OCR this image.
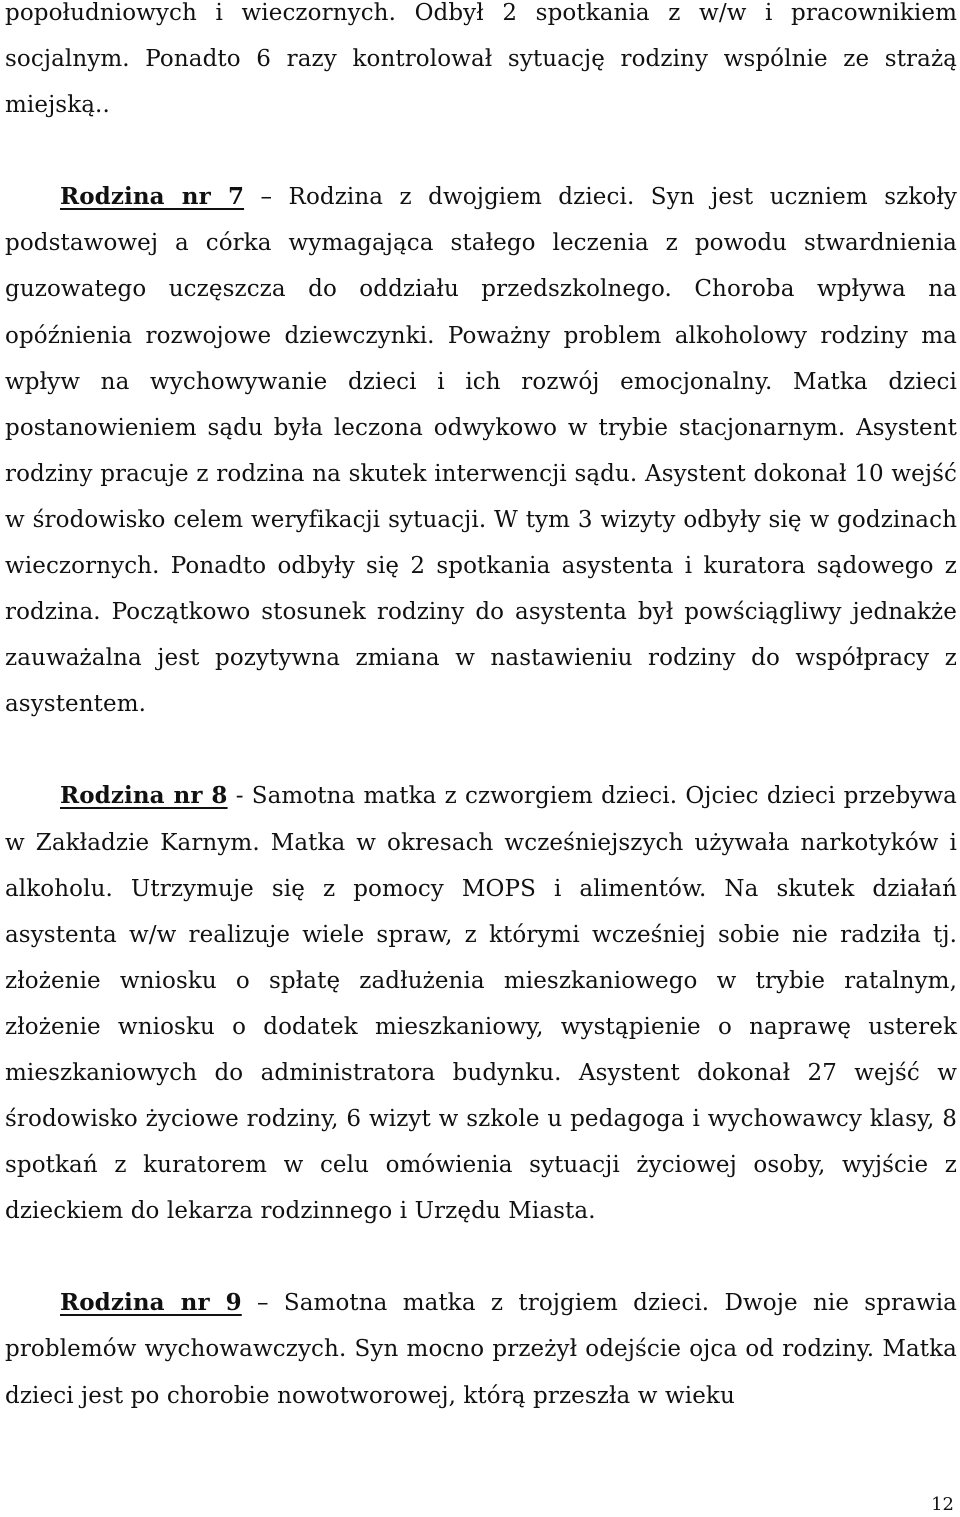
popołudniowych i wieczornych. Odbył 2 spotkania z w/w i pracownikiem socjalnym. Ponadto 6 razy kontrolował sytuację rodziny wspólnie ze strażą miejską..

Rodzina nr 7 – Rodzina z dwojgiem dzieci. Syn jest uczniem szkoły podstawowej a córka wymagająca stałego leczenia z powodu stwardnienia guzowatego uczęszcza do oddziału przedszkolnego. Choroba wpływa na opóźnienia rozwojowe dziewczynki. Poważny problem alkoholowy rodziny ma wpływ na wychowywanie dzieci i ich rozwój emocjonalny. Matka dzieci postanowieniem sądu była leczona odwykowo w trybie stacjonarnym. Asystent rodziny pracuje z rodzina na skutek interwencji sądu. Asystent dokonał 10 wejść w środowisko celem weryfikacji sytuacji. W tym 3 wizyty odbyły się w godzinach wieczornych. Ponadto odbyły się 2 spotkania asystenta i kuratora sądowego z rodzina. Początkowo stosunek rodziny do asystenta był powściągliwy jednakże zauważalna jest pozytywna zmiana w nastawieniu rodziny do współpracy z asystentem.

Rodzina nr 8 - Samotna matka z czworgiem dzieci. Ojciec dzieci przebywa w Zakładzie Karnym. Matka w okresach wcześniejszych używała narkotyków i alkoholu. Utrzymuje się z pomocy MOPS i alimentów. Na skutek działań asystenta w/w realizuje wiele spraw, z którymi wcześniej sobie nie radziła tj. złożenie wniosku o spłatę zadłużenia mieszkaniowego w trybie ratalnym, złożenie wniosku o dodatek mieszkaniowy, wystąpienie o naprawę usterek mieszkaniowych do administratora budynku. Asystent dokonał 27 wejść w środowisko życiowe rodziny, 6 wizyt w szkole u pedagoga i wychowawcy klasy, 8 spotkań z kuratorem w celu omówienia sytuacji życiowej osoby, wyjście z dzieckiem do lekarza rodzinnego i Urzędu Miasta.

Rodzina nr 9 – Samotna matka z trojgiem dzieci. Dwoje nie sprawia problemów wychowawczych. Syn mocno przeżył odejście ojca od rodziny. Matka dzieci jest po chorobie nowotworowej, którą przeszła w wieku

12
